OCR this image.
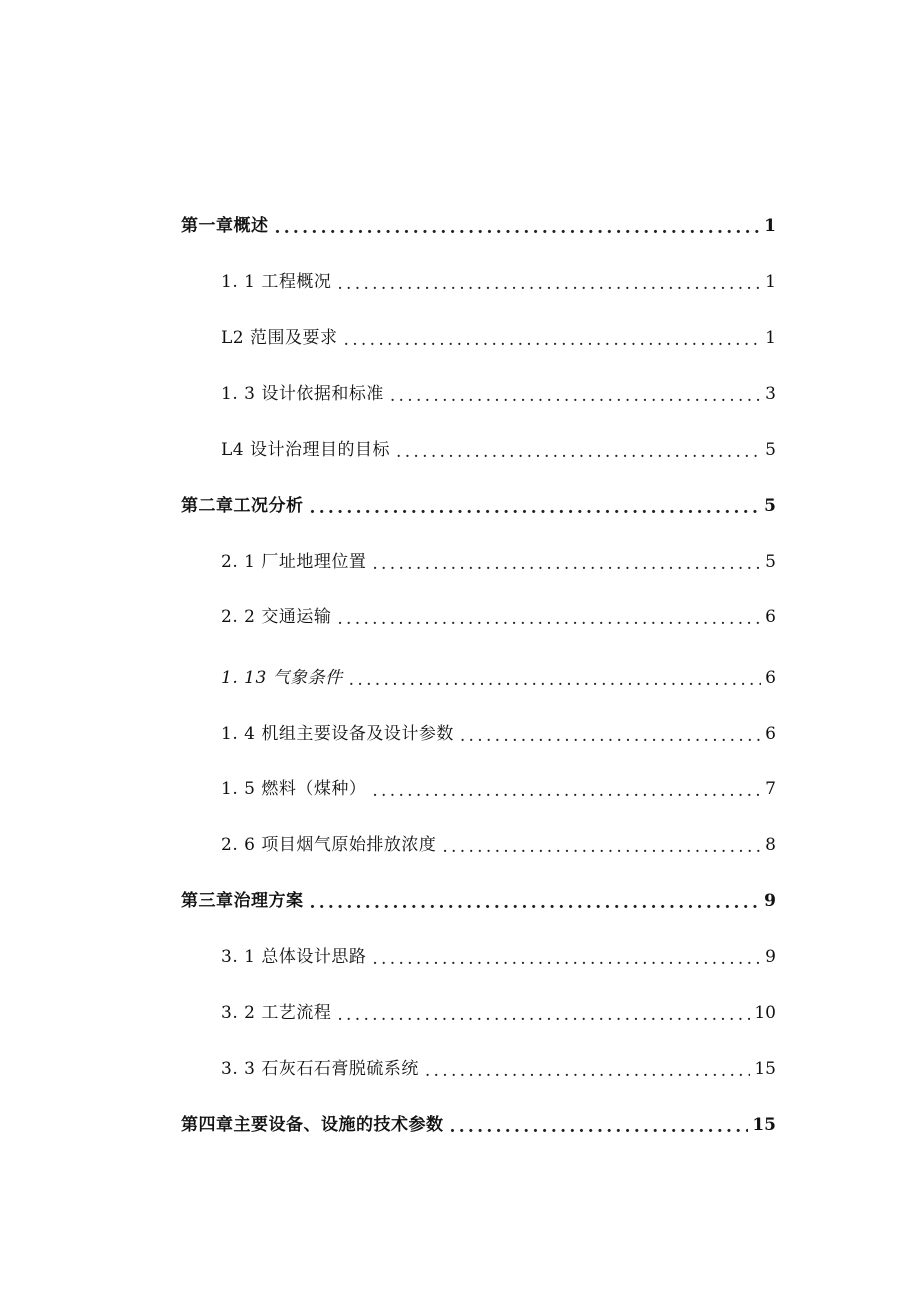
第一章概述 .....	1
1. 1 工程概况 .....	1
L2 范围及要求 .....	1
1. 3 设计依据和标准 .....	3
L4 设计治理目的目标 .....	5
第二章工况分析 .....	5
2. 1 厂址地理位置 .....	5
2. 2 交通运输 .....	6
1. 13 气象条件 .....	6
1. 4 机组主要设备及设计参数 .....	6
1. 5 燃料（煤种） .....	7
2. 6 项目烟气原始排放浓度 .....	8
第三章治理方案 .....	9
3. 1 总体设计思路 .....	9
3. 2 工艺流程 .....	10
3. 3 石灰石石膏脱硫系统 .....	15
第四章主要设备、设施的技术参数 .....	15
